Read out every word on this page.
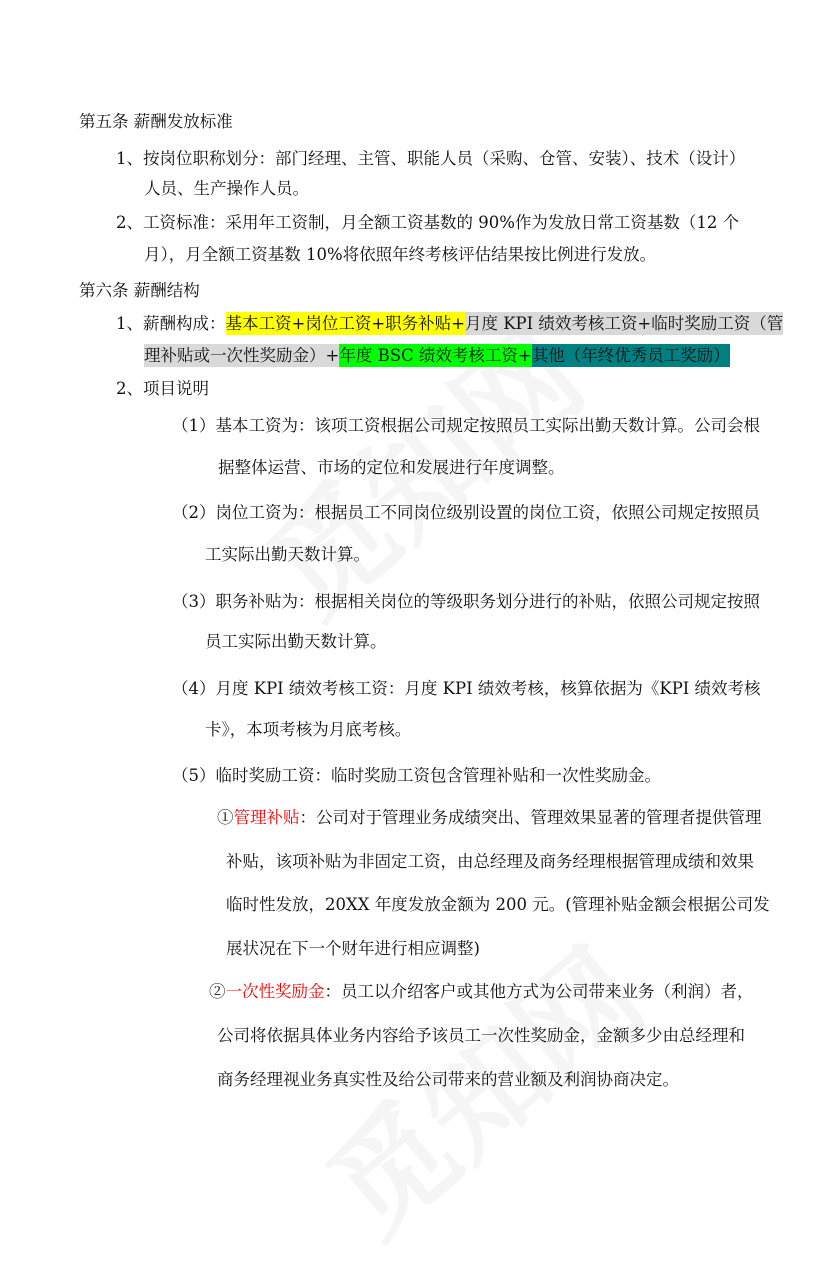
第五条 薪酬发放标准
1、按岗位职称划分：部门经理、主管、职能人员（采购、仓管、安装）、技术（设计）
人员、生产操作人员。
2、工资标准：采用年工资制，月全额工资基数的 90%作为发放日常工资基数（12 个
月），月全额工资基数 10%将依照年终考核评估结果按比例进行发放。
第六条 薪酬结构
1、薪酬构成：基本工资+岗位工资+职务补贴+月度 KPI 绩效考核工资+临时奖励工资（管
理补贴或一次性奖励金）+年度 BSC 绩效考核工资+其他（年终优秀员工奖励）
2、项目说明
（1）基本工资为：该项工资根据公司规定按照员工实际出勤天数计算。公司会根
据整体运营、市场的定位和发展进行年度调整。
（2）岗位工资为：根据员工不同岗位级别设置的岗位工资，依照公司规定按照员
工实际出勤天数计算。
（3）职务补贴为：根据相关岗位的等级职务划分进行的补贴，依照公司规定按照
员工实际出勤天数计算。
（4）月度 KPI 绩效考核工资：月度 KPI 绩效考核，核算依据为《KPI 绩效考核
卡》，本项考核为月底考核。
（5）临时奖励工资：临时奖励工资包含管理补贴和一次性奖励金。
①管理补贴：公司对于管理业务成绩突出、管理效果显著的管理者提供管理
补贴，该项补贴为非固定工资，由总经理及商务经理根据管理成绩和效果
临时性发放，20XX 年度发放金额为 200 元。(管理补贴金额会根据公司发
展状况在下一个财年进行相应调整)
②一次性奖励金：员工以介绍客户或其他方式为公司带来业务（利润）者，
公司将依据具体业务内容给予该员工一次性奖励金，金额多少由总经理和
商务经理视业务真实性及给公司带来的营业额及利润协商决定。
